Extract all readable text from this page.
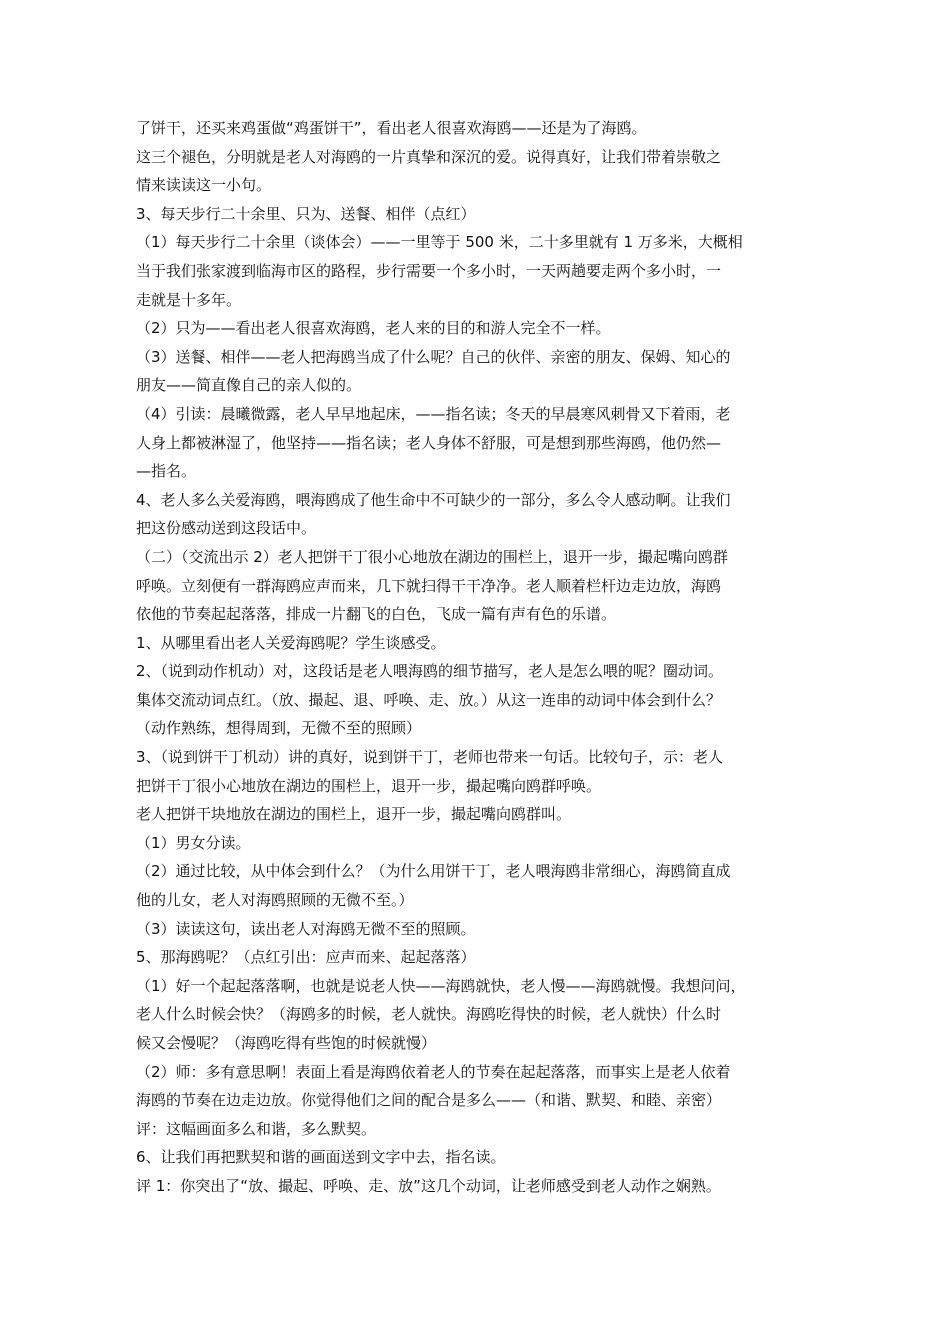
了饼干，还买来鸡蛋做“鸡蛋饼干”，看出老人很喜欢海鸥——还是为了海鸥。
这三个褪色，分明就是老人对海鸥的一片真挚和深沉的爱。说得真好，让我们带着崇敬之
情来读读这一小句。
3、每天步行二十余里、只为、送餐、相伴（点红）
（1）每天步行二十余里（谈体会）——一里等于 500 米，二十多里就有 1 万多米，大概相
当于我们张家渡到临海市区的路程，步行需要一个多小时，一天两趟要走两个多小时，一
走就是十多年。
（2）只为——看出老人很喜欢海鸥，老人来的目的和游人完全不一样。
（3）送餐、相伴——老人把海鸥当成了什么呢？自己的伙伴、亲密的朋友、保姆、知心的
朋友——简直像自己的亲人似的。
（4）引读：晨曦微露，老人早早地起床，——指名读；冬天的早晨寒风刺骨又下着雨，老
人身上都被淋湿了，他坚持——指名读；老人身体不舒服，可是想到那些海鸥，他仍然—
—指名。
4、老人多么关爱海鸥，喂海鸥成了他生命中不可缺少的一部分，多么令人感动啊。让我们
把这份感动送到这段话中。
（二）（交流出示 2）老人把饼干丁很小心地放在湖边的围栏上，退开一步，撮起嘴向鸥群
呼唤。立刻便有一群海鸥应声而来，几下就扫得干干净净。老人顺着栏杆边走边放，海鸥
依他的节奏起起落落，排成一片翻飞的白色，飞成一篇有声有色的乐谱。
1、从哪里看出老人关爱海鸥呢？学生谈感受。
2、（说到动作机动）对，这段话是老人喂海鸥的细节描写，老人是怎么喂的呢？圈动词。
集体交流动词点红。（放、撮起、退、呼唤、走、放。）从这一连串的动词中体会到什么？
（动作熟练，想得周到，无微不至的照顾）
3、（说到饼干丁机动）讲的真好，说到饼干丁，老师也带来一句话。比较句子，示：老人
把饼干丁很小心地放在湖边的围栏上，退开一步，撮起嘴向鸥群呼唤。
老人把饼干块地放在湖边的围栏上，退开一步，撮起嘴向鸥群叫。
（1）男女分读。
（2）通过比较，从中体会到什么？（为什么用饼干丁，老人喂海鸥非常细心，海鸥简直成
他的儿女，老人对海鸥照顾的无微不至。）
（3）读读这句，读出老人对海鸥无微不至的照顾。
5、那海鸥呢？（点红引出：应声而来、起起落落）
（1）好一个起起落落啊，也就是说老人快——海鸥就快，老人慢——海鸥就慢。我想问问，
老人什么时候会快？（海鸥多的时候，老人就快。海鸥吃得快的时候，老人就快）什么时
候又会慢呢？（海鸥吃得有些饱的时候就慢）
（2）师：多有意思啊！表面上看是海鸥依着老人的节奏在起起落落，而事实上是老人依着
海鸥的节奏在边走边放。你觉得他们之间的配合是多么——（和谐、默契、和睦、亲密）
评：这幅画面多么和谐，多么默契。
6、让我们再把默契和谐的画面送到文字中去，指名读。
评 1：你突出了“放、撮起、呼唤、走、放”这几个动词，让老师感受到老人动作之娴熟。
